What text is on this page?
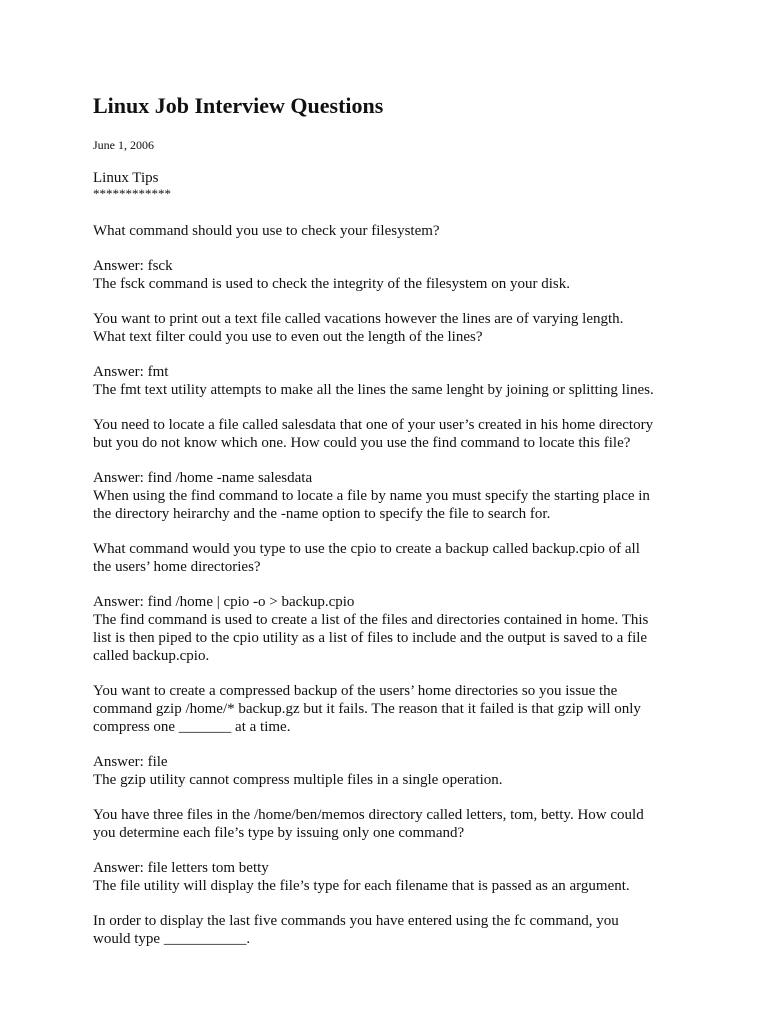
Linux Job Interview Questions
June 1, 2006
Linux Tips
************

What command should you use to check your filesystem?

Answer: fsck
The fsck command is used to check the integrity of the filesystem on your disk.

You want to print out a text file called vacations however the lines are of varying length.
What text filter could you use to even out the length of the lines?

Answer: fmt
The fmt text utility attempts to make all the lines the same lenght by joining or splitting lines.

You need to locate a file called salesdata that one of your user’s created in his home directory
but you do not know which one. How could you use the find command to locate this file?

Answer: find /home -name salesdata
When using the find command to locate a file by name you must specify the starting place in
the directory heirarchy and the -name option to specify the file to search for.

What command would you type to use the cpio to create a backup called backup.cpio of all
the users’ home directories?

Answer: find /home | cpio -o > backup.cpio
The find command is used to create a list of the files and directories contained in home. This
list is then piped to the cpio utility as a list of files to include and the output is saved to a file
called backup.cpio.

You want to create a compressed backup of the users’ home directories so you issue the
command gzip /home/* backup.gz but it fails. The reason that it failed is that gzip will only
compress one _______ at a time.

Answer: file
The gzip utility cannot compress multiple files in a single operation.

You have three files in the /home/ben/memos directory called letters, tom, betty. How could
you determine each file’s type by issuing only one command?

Answer: file letters tom betty
The file utility will display the file’s type for each filename that is passed as an argument.

In order to display the last five commands you have entered using the fc command, you
would type ___________.
